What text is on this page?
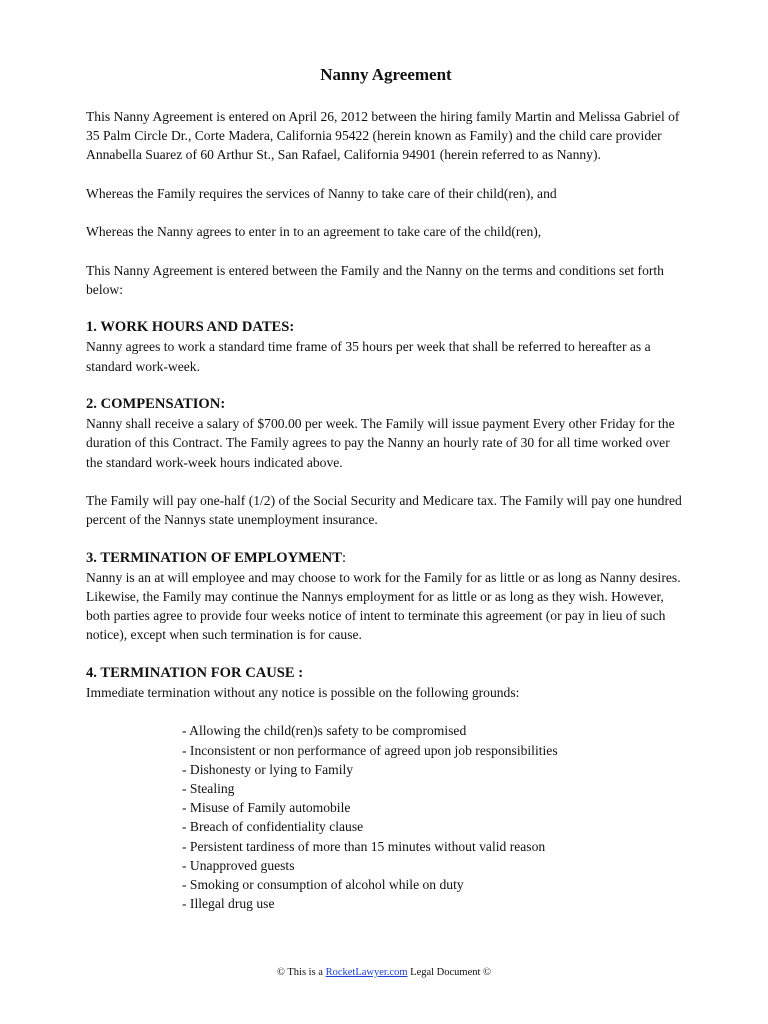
Nanny Agreement

This Nanny Agreement is entered on April 26, 2012 between the hiring family Martin and Melissa Gabriel of 35 Palm Circle Dr., Corte Madera, California 95422 (herein known as Family) and the child care provider Annabella Suarez of 60 Arthur St., San Rafael, California 94901 (herein referred to as Nanny).

Whereas the Family requires the services of Nanny to take care of their child(ren), and

Whereas the Nanny agrees to enter in to an agreement to take care of the child(ren),

This Nanny Agreement is entered between the Family and the Nanny on the terms and conditions set forth below:

1. WORK HOURS AND DATES:

Nanny agrees to work a standard time frame of 35 hours per week that shall be referred to hereafter as a standard work-week.

2. COMPENSATION:

Nanny shall receive a salary of $700.00 per week. The Family will issue payment Every other Friday for the duration of this Contract. The Family agrees to pay the Nanny an hourly rate of 30 for all time worked over the standard work-week hours indicated above.

The Family will pay one-half (1/2) of the Social Security and Medicare tax. The Family will pay one hundred percent of the Nannys state unemployment insurance.

3. TERMINATION OF EMPLOYMENT:

Nanny is an at will employee and may choose to work for the Family for as little or as long as Nanny desires. Likewise, the Family may continue the Nannys employment for as little or as long as they wish. However, both parties agree to provide four weeks notice of intent to terminate this agreement (or pay in lieu of such notice), except when such termination is for cause.

4. TERMINATION FOR CAUSE :

Immediate termination without any notice is possible on the following grounds:

- Allowing the child(ren)s safety to be compromised
- Inconsistent or non performance of agreed upon job responsibilities
- Dishonesty or lying to Family
- Stealing
- Misuse of Family automobile
- Breach of confidentiality clause
- Persistent tardiness of more than 15 minutes without valid reason
- Unapproved guests
- Smoking or consumption of alcohol while on duty
- Illegal drug use
© This is a RocketLawyer.com Legal Document ©
